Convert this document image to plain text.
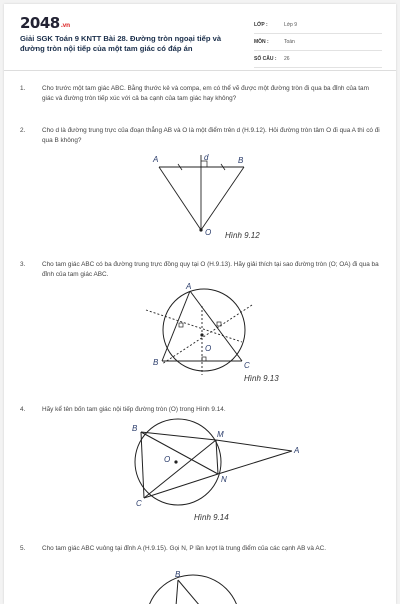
2048.vn
Giải SGK Toán 9 KNTT Bài 28. Đường tròn ngoại tiếp và đường tròn nội tiếp của một tam giác có đáp án
LỚP :	Lớp 9
MÔN :	Toán
SỐ CÂU :	26
1.	Cho trước một tam giác ABC. Bằng thước kẻ và compa, em có thể vẽ được một đường tròn đi qua ba đỉnh của tam giác và đường tròn tiếp xúc với cả ba cạnh của tam giác hay không?
2.	Cho d là đường trung trực của đoạn thẳng AB và O là một điểm trên d (H.9.12). Hỏi đường tròn tâm O đi qua A thì có đi qua B không?
A	B
d
O Hình 9.12
3.	Cho tam giác ABC có ba đường trung trực đồng quy tại O (H.9.13). Hãy giải thích tại sao đường tròn (O; OA) đi qua ba đỉnh của tam giác ABC.
A
B	C
O
Hình 9.13
4.	Hãy kể tên bốn tam giác nội tiếp đường tròn (O) trong Hình 9.14.
B
C
M
N
A
O
Hình 9.14
5.	Cho tam giác ABC vuông tại đỉnh A (H.9.15). Gọi N, P lần lượt là trung điểm của các cạnh AB và AC.
B
